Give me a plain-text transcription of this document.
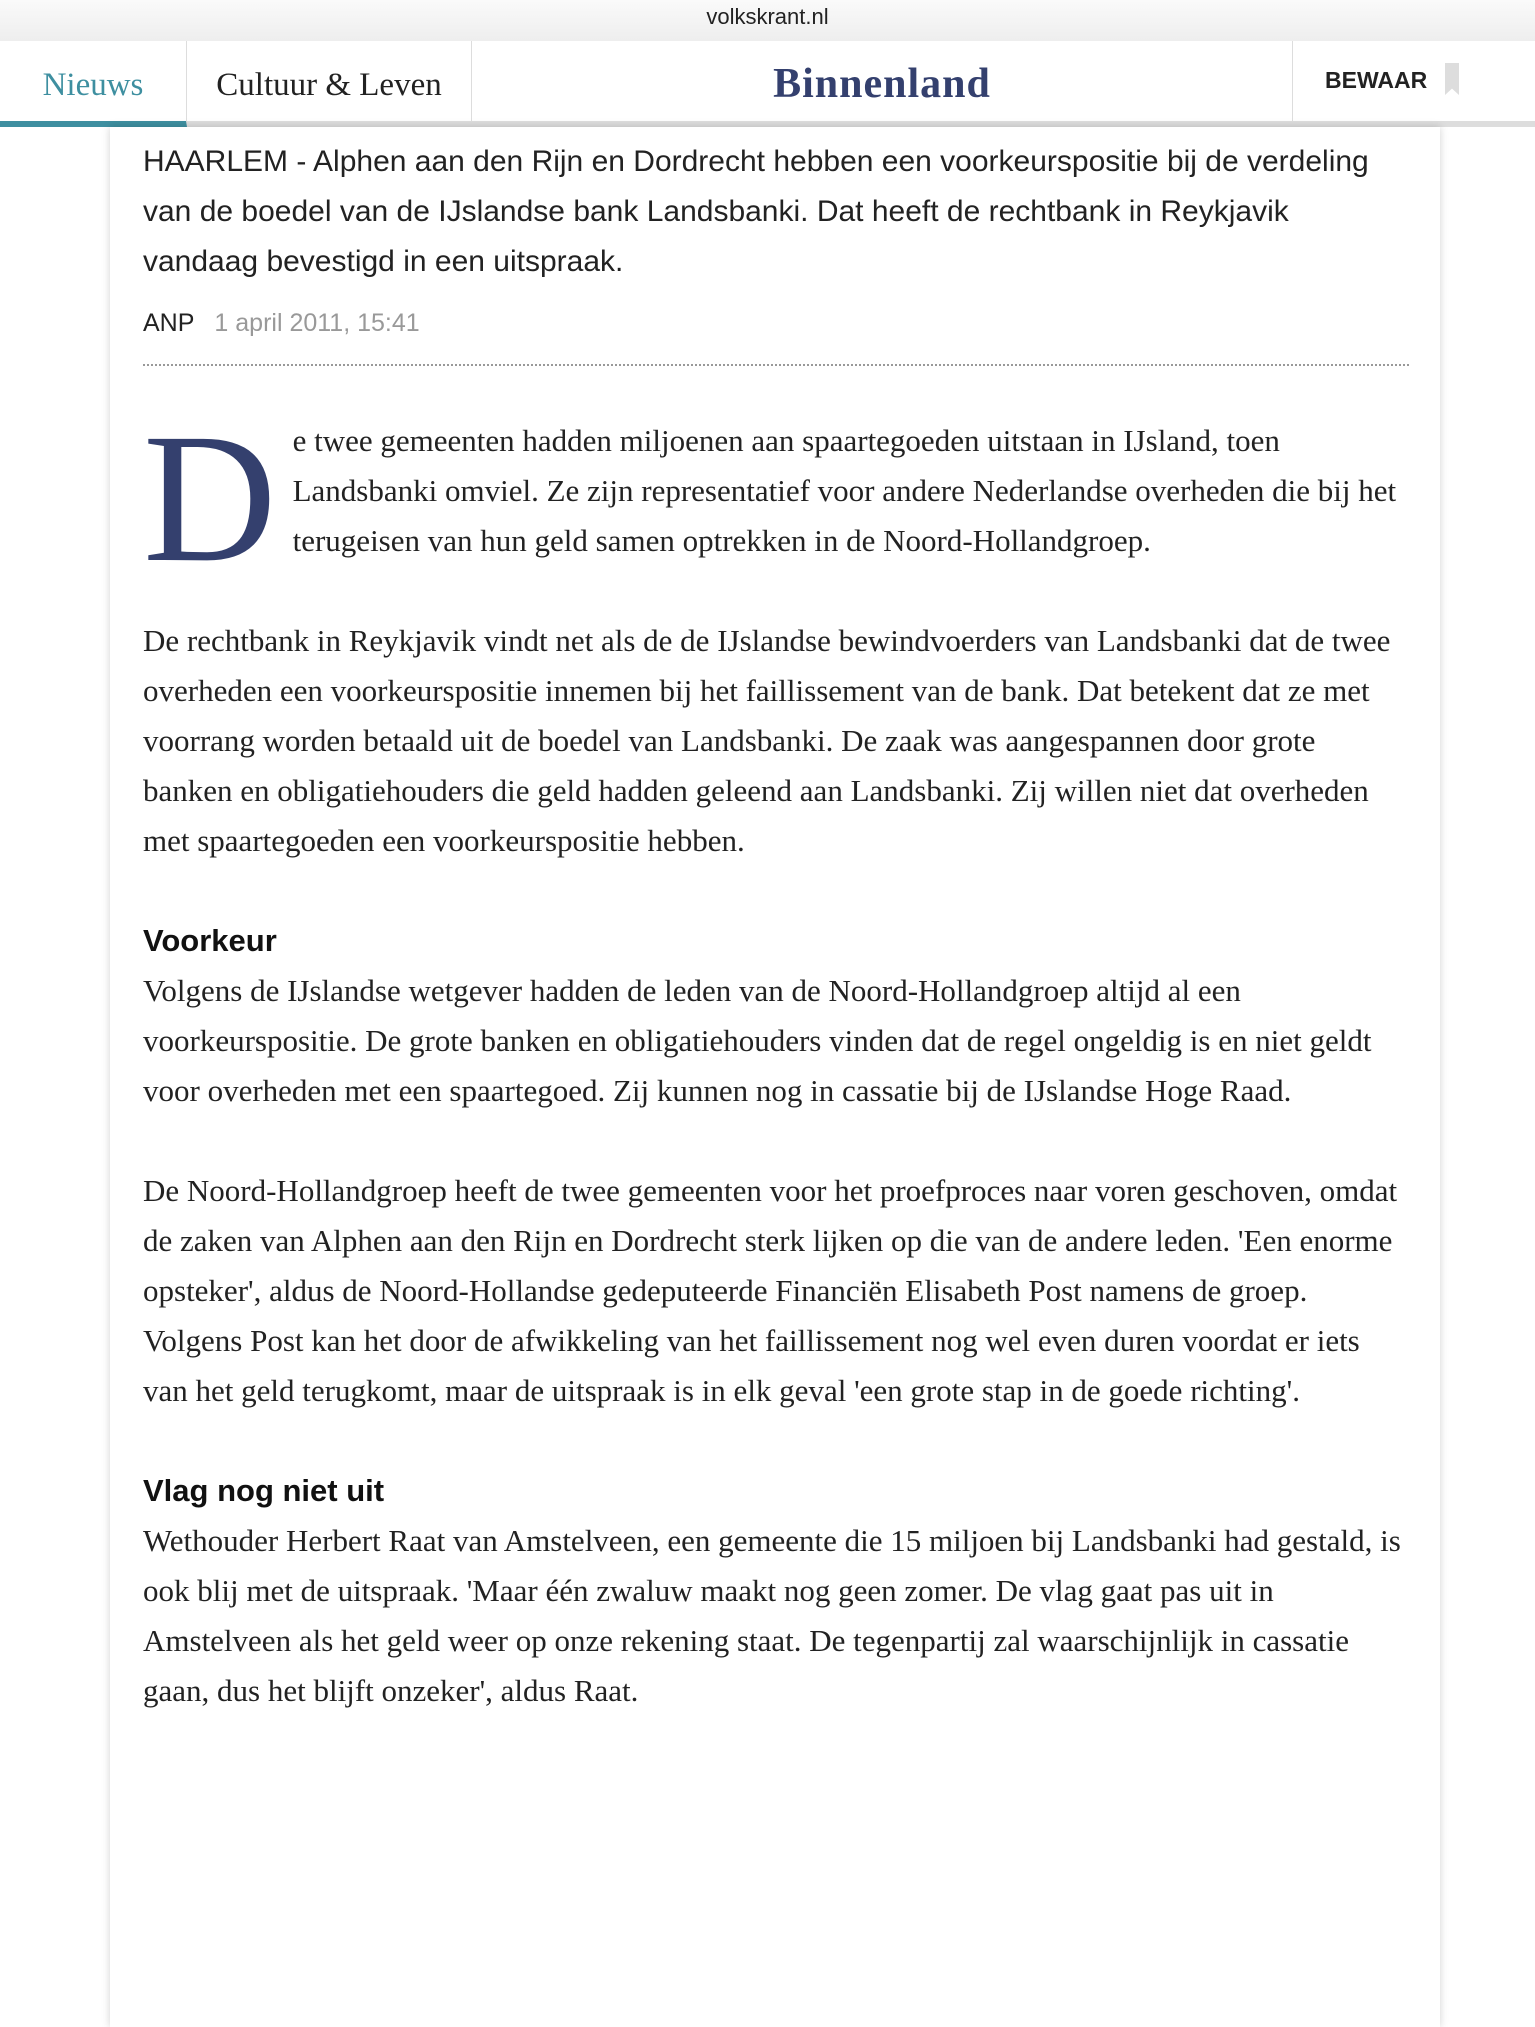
volkskrant.nl
Nieuws	Cultuur & Leven	Binnenland	BEWAAR

HAARLEM - Alphen aan den Rijn en Dordrecht hebben een voorkeurspositie bij de verdeling van de boedel van de IJslandse bank Landsbanki. Dat heeft de rechtbank in Reykjavik vandaag bevestigd in een uitspraak.

ANP 1 april 2011, 15:41

De twee gemeenten hadden miljoenen aan spaartegoeden uitstaan in IJsland, toen Landsbanki omviel. Ze zijn representatief voor andere Nederlandse overheden die bij het terugeisen van hun geld samen optrekken in de Noord-Hollandgroep.

De rechtbank in Reykjavik vindt net als de de IJslandse bewindvoerders van Landsbanki dat de twee overheden een voorkeurspositie innemen bij het faillissement van de bank. Dat betekent dat ze met voorrang worden betaald uit de boedel van Landsbanki. De zaak was aangespannen door grote banken en obligatiehouders die geld hadden geleend aan Landsbanki. Zij willen niet dat overheden met spaartegoeden een voorkeurspositie hebben.

Voorkeur

Volgens de IJslandse wetgever hadden de leden van de Noord-Hollandgroep altijd al een voorkeurspositie. De grote banken en obligatiehouders vinden dat de regel ongeldig is en niet geldt voor overheden met een spaartegoed. Zij kunnen nog in cassatie bij de IJslandse Hoge Raad.

De Noord-Hollandgroep heeft de twee gemeenten voor het proefproces naar voren geschoven, omdat de zaken van Alphen aan den Rijn en Dordrecht sterk lijken op die van de andere leden. 'Een enorme opsteker', aldus de Noord-Hollandse gedeputeerde Financiën Elisabeth Post namens de groep. Volgens Post kan het door de afwikkeling van het faillissement nog wel even duren voordat er iets van het geld terugkomt, maar de uitspraak is in elk geval 'een grote stap in de goede richting'.

Vlag nog niet uit

Wethouder Herbert Raat van Amstelveen, een gemeente die 15 miljoen bij Landsbanki had gestald, is ook blij met de uitspraak. 'Maar één zwaluw maakt nog geen zomer. De vlag gaat pas uit in Amstelveen als het geld weer op onze rekening staat. De tegenpartij zal waarschijnlijk in cassatie gaan, dus het blijft onzeker', aldus Raat.
